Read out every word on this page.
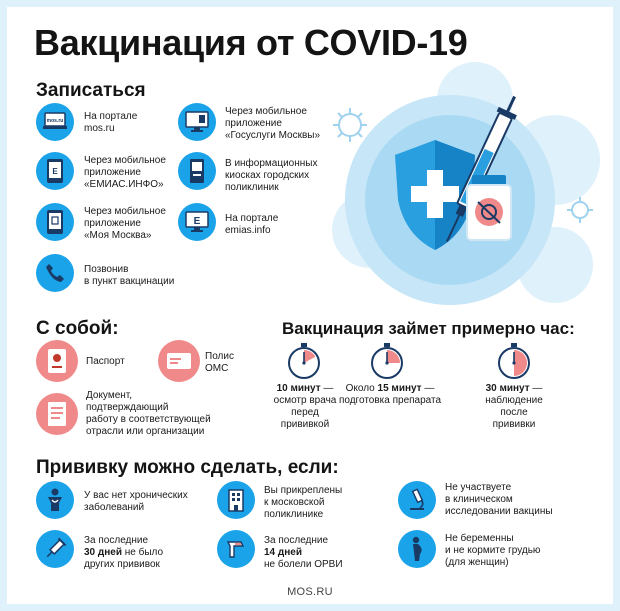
Вакцинация от COVID-19
Записаться
mos.ru На портале
mos.ru
E
Через мобильное
приложение
«ЕМИАС.ИНФО»
Через мобильное
приложение
«Моя Москва»
Позвонив
в пункт вакцинации
Через мобильное
приложение
«Госуслуги Москвы»
В информационных
киосках городских
поликлиник
E На портале
emias.info
С собой:
Паспорт	Полис
ОМС
Документ,
подтверждающий
работу в соответствующей
отрасли или организации
Вакцинация займет примерно час:
10 минут —
осмотр врача
перед
прививкой
Около 15 минут —
подготовка препарата
30 минут —
наблюдение
после
прививки
Прививку можно сделать, если:
У вас нет хронических
заболеваний
За последние
30 дней не было
других прививок
Вы прикреплены
к московской
поликлинике
За последние
14 дней
не болели ОРВИ
Не участвуете
в клиническом
исследовании вакцины
Не беременны
и не кормите грудью
(для женщин)
MOS.RU
